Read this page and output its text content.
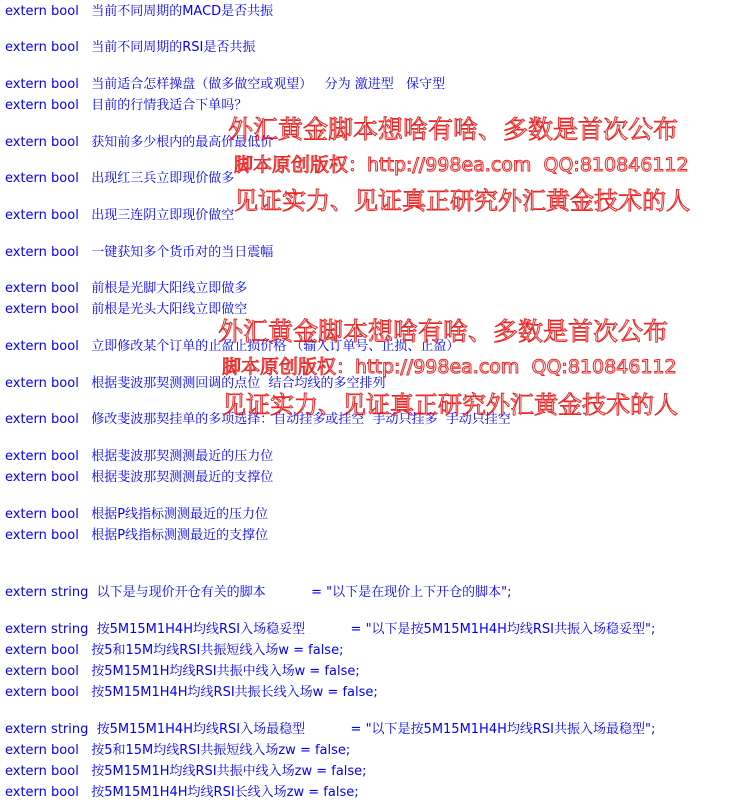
extern bool   当前不同周期的MACD是否共振
extern bool   当前不同周期的RSI是否共振
extern bool   当前适合怎样操盘（做多做空或观望）   分为 激进型   保守型
extern bool   目前的行情我适合下单吗？
extern bool   获知前多少根内的最高价最低价
extern bool   出现红三兵立即现价做多
extern bool   出现三连阴立即现价做空
extern bool   一键获知多个货币对的当日震幅
extern bool   前根是光脚大阳线立即做多
extern bool   前根是光头大阳线立即做空
extern bool   立即修改某个订单的止盈止损价格 （输入订单号、止损、止盈）
extern bool   根据斐波那契测测回调的点位  结合均线的多空排列
extern bool   修改斐波那契挂单的多项选择：自动挂多或挂空  手动只挂多  手动只挂空
extern bool   根据斐波那契测测最近的压力位
extern bool   根据斐波那契测测最近的支撑位
extern bool   根据P线指标测测最近的压力位
extern bool   根据P线指标测测最近的支撑位
extern string  以下是与现价开仓有关的脚本           = "以下是在现价上下开仓的脚本";
extern string  按5M15M1H4H均线RSI入场稳妥型           = "以下是按5M15M1H4H均线RSI共振入场稳妥型";
extern bool   按5和15M均线RSI共振短线入场w = false;
extern bool   按5M15M1H均线RSI共振中线入场w = false;
extern bool   按5M15M1H4H均线RSI共振长线入场w = false;
extern string  按5M15M1H4H均线RSI入场最稳型           = "以下是按5M15M1H4H均线RSI共振入场最稳型";
extern bool   按5和15M均线RSI共振短线入场zw = false;
extern bool   按5M15M1H均线RSI共振中线入场zw = false;
extern bool   按5M15M1H4H均线RSI长线入场zw = false;
外汇黄金脚本想啥有啥、多数是首次公布
脚本原创版权：http://998ea.com  QQ:810846112
见证实力、见证真正研究外汇黄金技术的人
外汇黄金脚本想啥有啥、多数是首次公布
脚本原创版权：http://998ea.com  QQ:810846112
见证实力、见证真正研究外汇黄金技术的人
